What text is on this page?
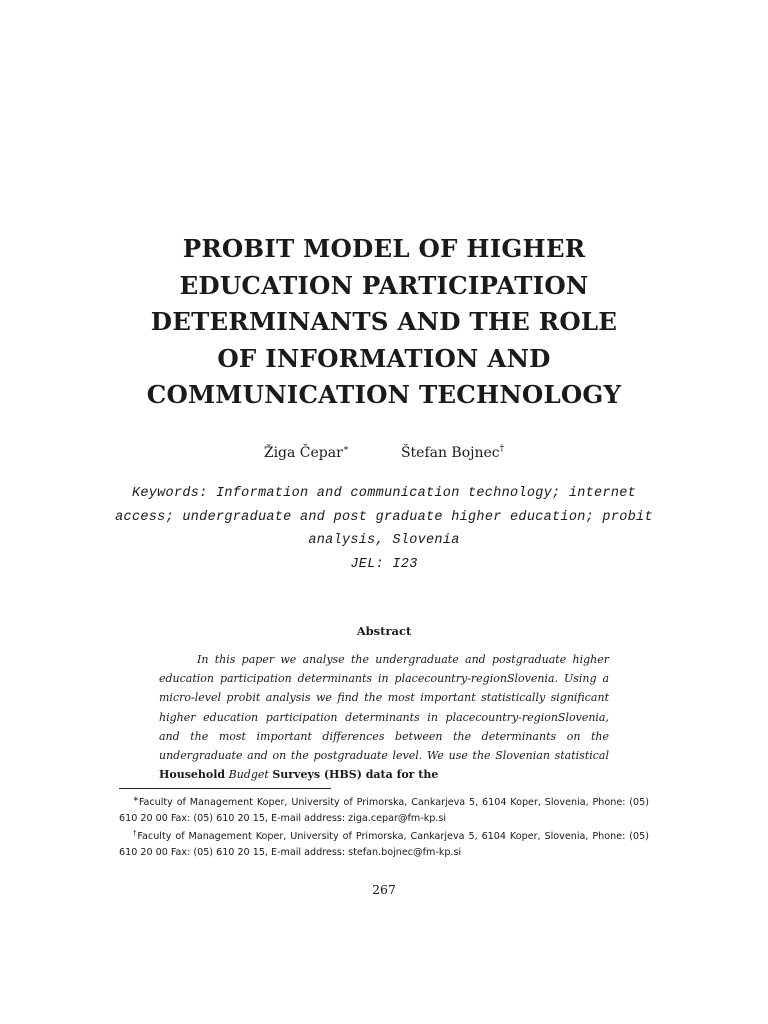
PROBIT MODEL OF HIGHER
EDUCATION PARTICIPATION
DETERMINANTS AND THE ROLE
OF INFORMATION AND
COMMUNICATION TECHNOLOGY
Žiga Čepar∗	Štefan Bojnec†
Keywords: Information and communication technology; internet access; undergraduate and post graduate higher education; probit analysis, Slovenia
JEL: I23
Abstract
In this paper we analyse the undergraduate and postgraduate higher education participation determinants in placecountry-regionSlovenia. Using a micro-level probit analysis we find the most important statistically significant higher education participation determinants in placecountry-regionSlovenia, and the most important differences between the determinants on the undergraduate and on the postgraduate level. We use the Slovenian statistical Household Budget Surveys (HBS) data for the

∗Faculty of Management Koper, University of Primorska, Cankarjeva 5, 6104 Koper, Slovenia, Phone: (05) 610 20 00 Fax: (05) 610 20 15, E-mail address: ziga.cepar@fm-kp.si

†Faculty of Management Koper, University of Primorska, Cankarjeva 5, 6104 Koper, Slovenia, Phone: (05) 610 20 00 Fax: (05) 610 20 15, E-mail address: stefan.bojnec@fm-kp.si

267
